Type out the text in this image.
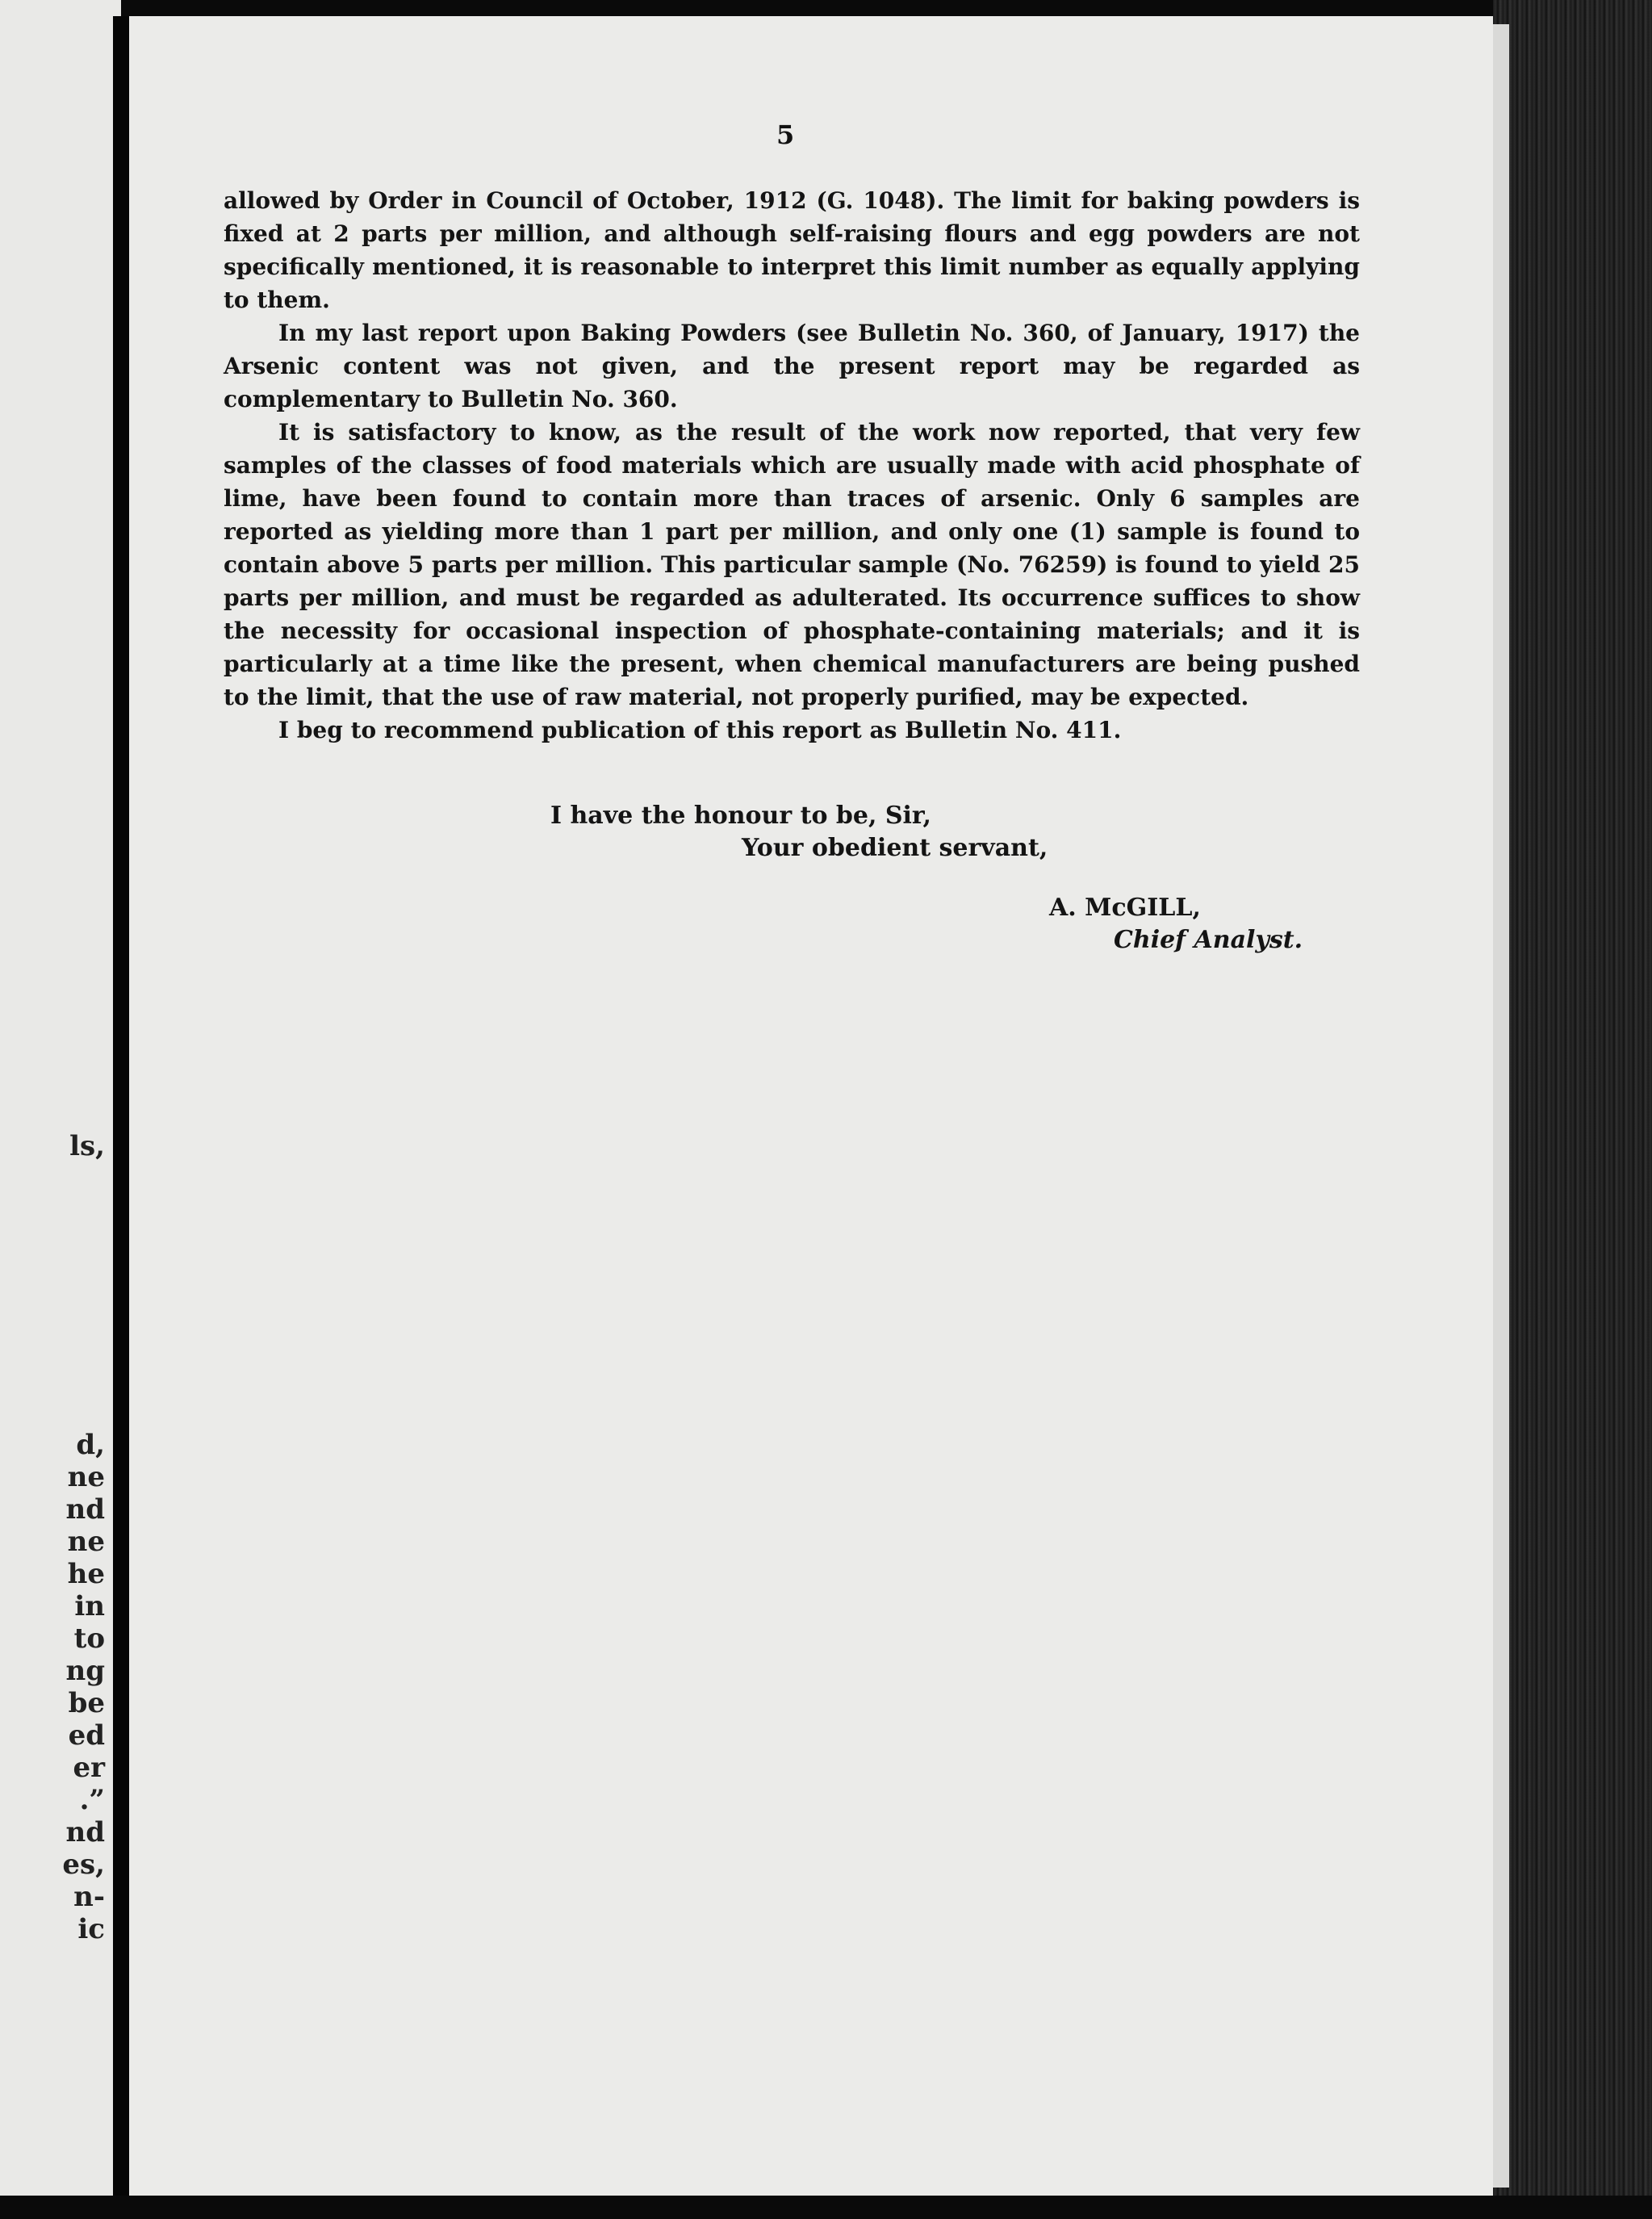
ls,
d,
ne
nd
ne
he
in
to
ng
be
ed
er
.”
nd
es,
n-
ic
5

allowed by Order in Council of October, 1912 (G. 1048). The limit for baking powders is fixed at 2 parts per million, and although self-raising flours and egg powders are not specifically mentioned, it is reasonable to interpret this limit number as equally applying to them.

In my last report upon Baking Powders (see Bulletin No. 360, of January, 1917) the Arsenic content was not given, and the present report may be regarded as complementary to Bulletin No. 360.

It is satisfactory to know, as the result of the work now reported, that very few samples of the classes of food materials which are usually made with acid phosphate of lime, have been found to contain more than traces of arsenic. Only 6 samples are reported as yielding more than 1 part per million, and only one (1) sample is found to contain above 5 parts per million. This particular sample (No. 76259) is found to yield 25 parts per million, and must be regarded as adulterated. Its occurrence suffices to show the necessity for occasional inspection of phosphate-containing materials; and it is particularly at a time like the present, when chemical manufacturers are being pushed to the limit, that the use of raw material, not properly purified, may be expected.

I beg to recommend publication of this report as Bulletin No. 411.

I have the honour to be, Sir,
Your obedient servant,
A. McGILL,
Chief Analyst.
